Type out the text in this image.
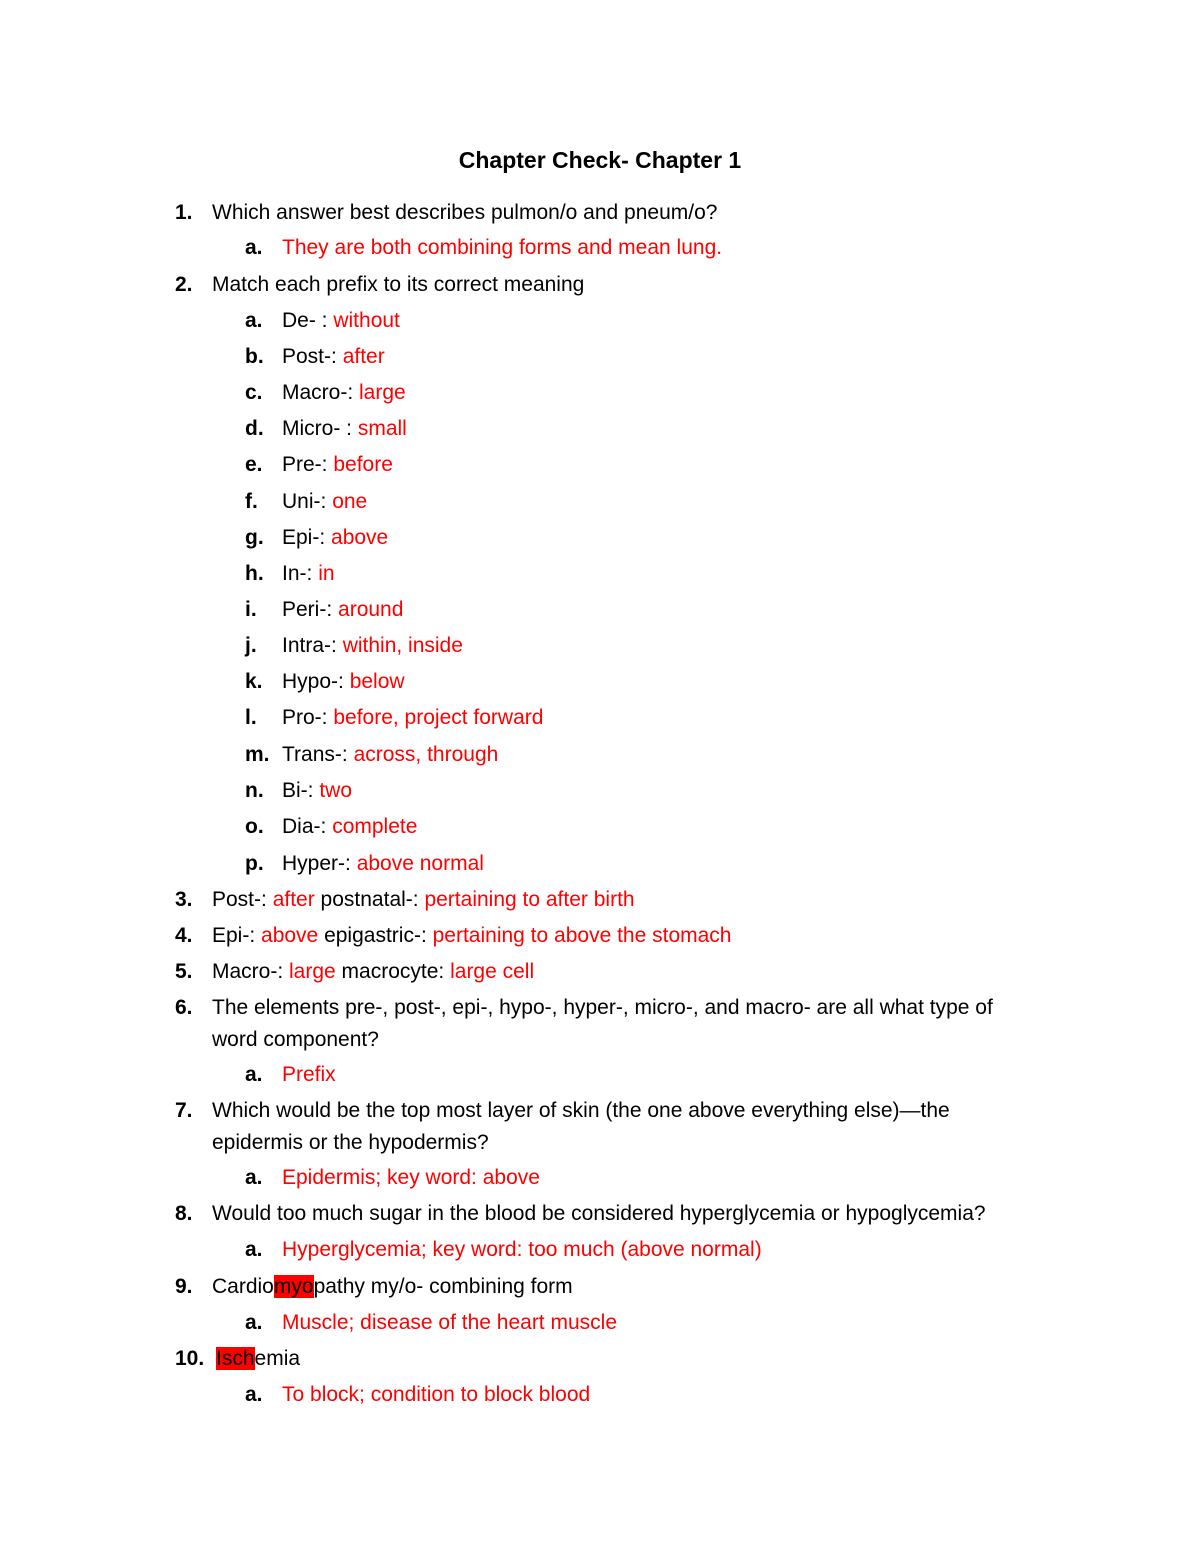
Chapter Check- Chapter 1
1. Which answer best describes pulmon/o and pneum/o?
a. They are both combining forms and mean lung.
2. Match each prefix to its correct meaning
a. De- : without
b. Post-: after
c. Macro-: large
d. Micro- : small
e. Pre-: before
f. Uni-: one
g. Epi-: above
h. In-: in
i. Peri-: around
j. Intra-: within, inside
k. Hypo-: below
l. Pro-: before, project forward
m. Trans-: across, through
n. Bi-: two
o. Dia-: complete
p. Hyper-: above normal
3. Post-: after postnatal-: pertaining to after birth
4. Epi-: above epigastric-: pertaining to above the stomach
5. Macro-: large macrocyte: large cell
6. The elements pre-, post-, epi-, hypo-, hyper-, micro-, and macro- are all what type of
word component?
a. Prefix
7. Which would be the top most layer of skin (the one above everything else)—the
epidermis or the hypodermis?
a. Epidermis; key word: above
8. Would too much sugar in the blood be considered hyperglycemia or hypoglycemia?
a. Hyperglycemia; key word: too much (above normal)
9. Cardiomyopathy my/o- combining form
a. Muscle; disease of the heart muscle
10. Ischemia
a. To block; condition to block blood
